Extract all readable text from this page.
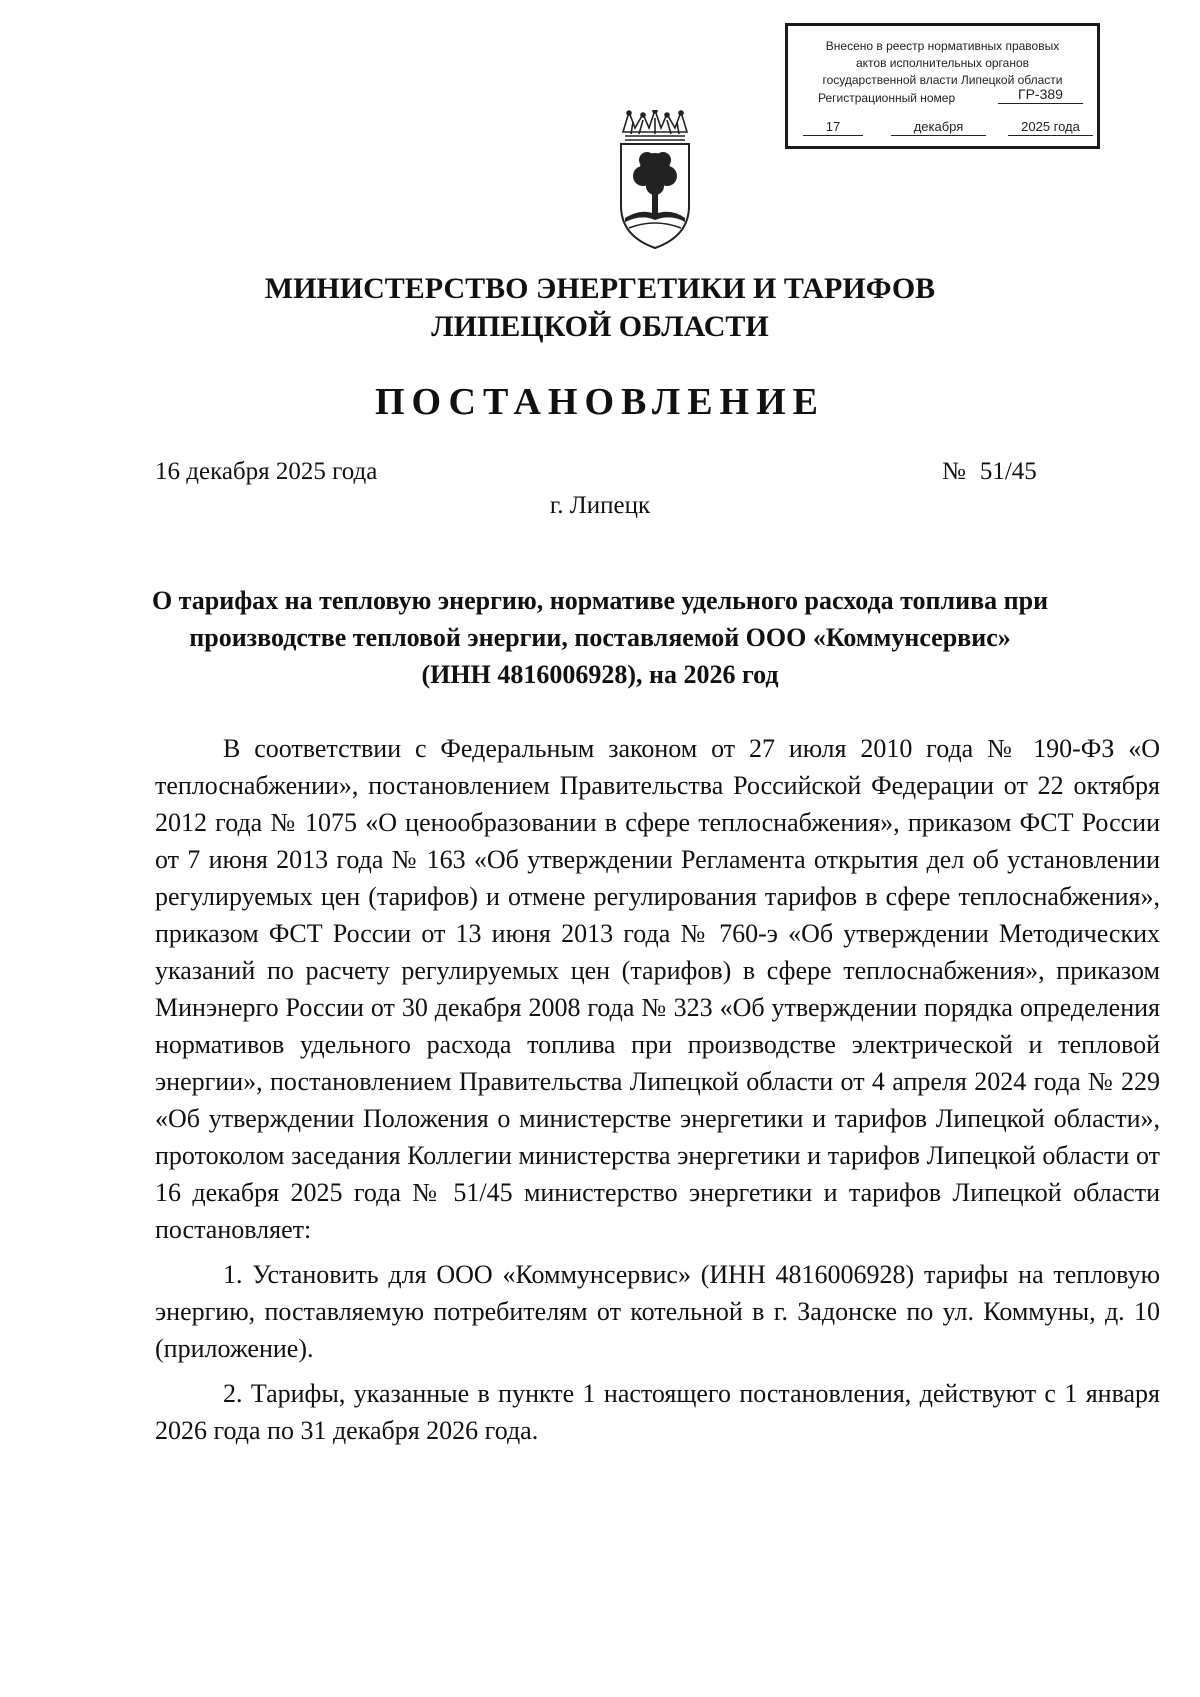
Внесено в реестр нормативных правовых
актов исполнительных органов
государственной власти Липецкой области
Регистрационный номер	ГР-389
17	декабря	2025 года
МИНИСТЕРСТВО ЭНЕРГЕТИКИ И ТАРИФОВ
ЛИПЕЦКОЙ ОБЛАСТИ
ПОСТАНОВЛЕНИЕ
16 декабря 2025 года	№ 51/45
г. Липецк
О тарифах на тепловую энергию, нормативе удельного расхода топлива при
производстве тепловой энергии, поставляемой ООО «Коммунсервис»
(ИНН 4816006928), на 2026 год

В соответствии с Федеральным законом от 27 июля 2010 года № 190-ФЗ «О теплоснабжении», постановлением Правительства Российской Федерации от 22 октября 2012 года № 1075 «О ценообразовании в сфере теплоснабжения», приказом ФСТ России от 7 июня 2013 года № 163 «Об утверждении Регламента открытия дел об установлении регулируемых цен (тарифов) и отмене регулирования тарифов в сфере теплоснабжения», приказом ФСТ России от 13 июня 2013 года № 760-э «Об утверждении Методических указаний по расчету регулируемых цен (тарифов) в сфере теплоснабжения», приказом Минэнерго России от 30 декабря 2008 года № 323 «Об утверждении порядка определения нормативов удельного расхода топлива при производстве электрической и тепловой энергии», постановлением Правительства Липецкой области от 4 апреля 2024 года № 229 «Об утверждении Положения о министерстве энергетики и тарифов Липецкой области», протоколом заседания Коллегии министерства энергетики и тарифов Липецкой области от 16 декабря 2025 года № 51/45 министерство энергетики и тарифов Липецкой области постановляет:

1. Установить для ООО «Коммунсервис» (ИНН 4816006928) тарифы на тепловую энергию, поставляемую потребителям от котельной в г. Задонске по ул. Коммуны, д. 10 (приложение).

2. Тарифы, указанные в пункте 1 настоящего постановления, действуют с 1 января 2026 года по 31 декабря 2026 года.
